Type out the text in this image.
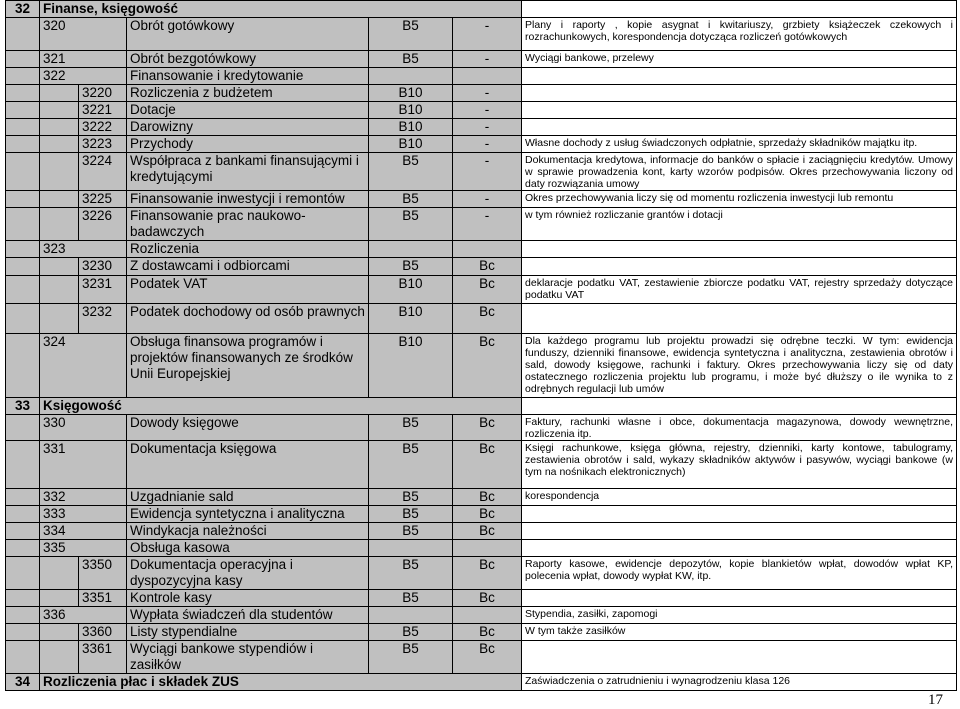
32	Finanse, księgowość					
	320		Obrót gotówkowy	B5	-	Plany i raporty , kopie asygnat i kwitariuszy, grzbiety książeczek czekowych i rozrachunkowych, korespondencja dotycząca rozliczeń gotówkowych
	321		Obrót bezgotówkowy	B5	-	Wyciągi bankowe, przelewy
	322		Finansowanie i kredytowanie			
		3220	Rozliczenia z budżetem	B10	-	
		3221	Dotacje	B10	-	
		3222	Darowizny	B10	-	
		3223	Przychody	B10	-	Własne dochody z usług świadczonych odpłatnie, sprzedaży składników majątku itp.
		3224	Współpraca z bankami finansującymi i kredytującymi	B5	-	Dokumentacja kredytowa, informacje do banków o spłacie i zaciągnięciu kredytów. Umowy w sprawie prowadzenia kont, karty wzorów podpisów. Okres przechowywania liczony od daty rozwiązania umowy
		3225	Finansowanie inwestycji i remontów	B5	-	Okres przechowywania liczy się od momentu rozliczenia inwestycji lub remontu
		3226	Finansowanie prac naukowo-badawczych	B5	-	w tym również rozliczanie grantów i dotacji
	323		Rozliczenia			
		3230	Z dostawcami i odbiorcami	B5	Bc	
		3231	Podatek VAT	B10	Bc	deklaracje podatku VAT, zestawienie zbiorcze podatku VAT, rejestry sprzedaży dotyczące podatku VAT
		3232	Podatek dochodowy od osób prawnych	B10	Bc	
	324		Obsługa finansowa programów i projektów finansowanych ze środków Unii Europejskiej	B10	Bc	Dla każdego programu lub projektu prowadzi się odrębne teczki. W tym: ewidencja funduszy, dzienniki finansowe, ewidencja syntetyczna i analityczna, zestawienia obrotów i sald, dowody księgowe, rachunki i faktury. Okres przechowywania liczy się od daty ostatecznego rozliczenia projektu lub programu, i może być dłuższy o ile wynika to z odrębnych regulacji lub umów
33	Księgowość					
	330		Dowody księgowe	B5	Bc	Faktury, rachunki własne i obce, dokumentacja magazynowa, dowody wewnętrzne, rozliczenia itp.
	331		Dokumentacja księgowa	B5	Bc	Księgi rachunkowe, księga główna, rejestry, dzienniki, karty kontowe, tabulogramy, zestawienia obrotów i sald, wykazy składników aktywów i pasywów, wyciągi bankowe (w tym na nośnikach elektronicznych)
	332		Uzgadnianie sald	B5	Bc	korespondencja
	333		Ewidencja syntetyczna i analityczna	B5	Bc	
	334		Windykacja należności	B5	Bc	
	335		Obsługa kasowa			
		3350	Dokumentacja operacyjna i dyspozycyjna kasy	B5	Bc	Raporty kasowe, ewidencje depozytów, kopie blankietów wpłat, dowodów wpłat KP, polecenia wpłat, dowody wypłat KW, itp.
		3351	Kontrole kasy	B5	Bc	
	336		Wypłata świadczeń dla studentów			Stypendia, zasiłki, zapomogi
		3360	Listy stypendialne	B5	Bc	W tym także zasiłków
		3361	Wyciągi bankowe stypendiów i zasiłków	B5	Bc	
34	Rozliczenia płac i składek ZUS					Zaświadczenia o zatrudnieniu i wynagrodzeniu klasa 126
17
